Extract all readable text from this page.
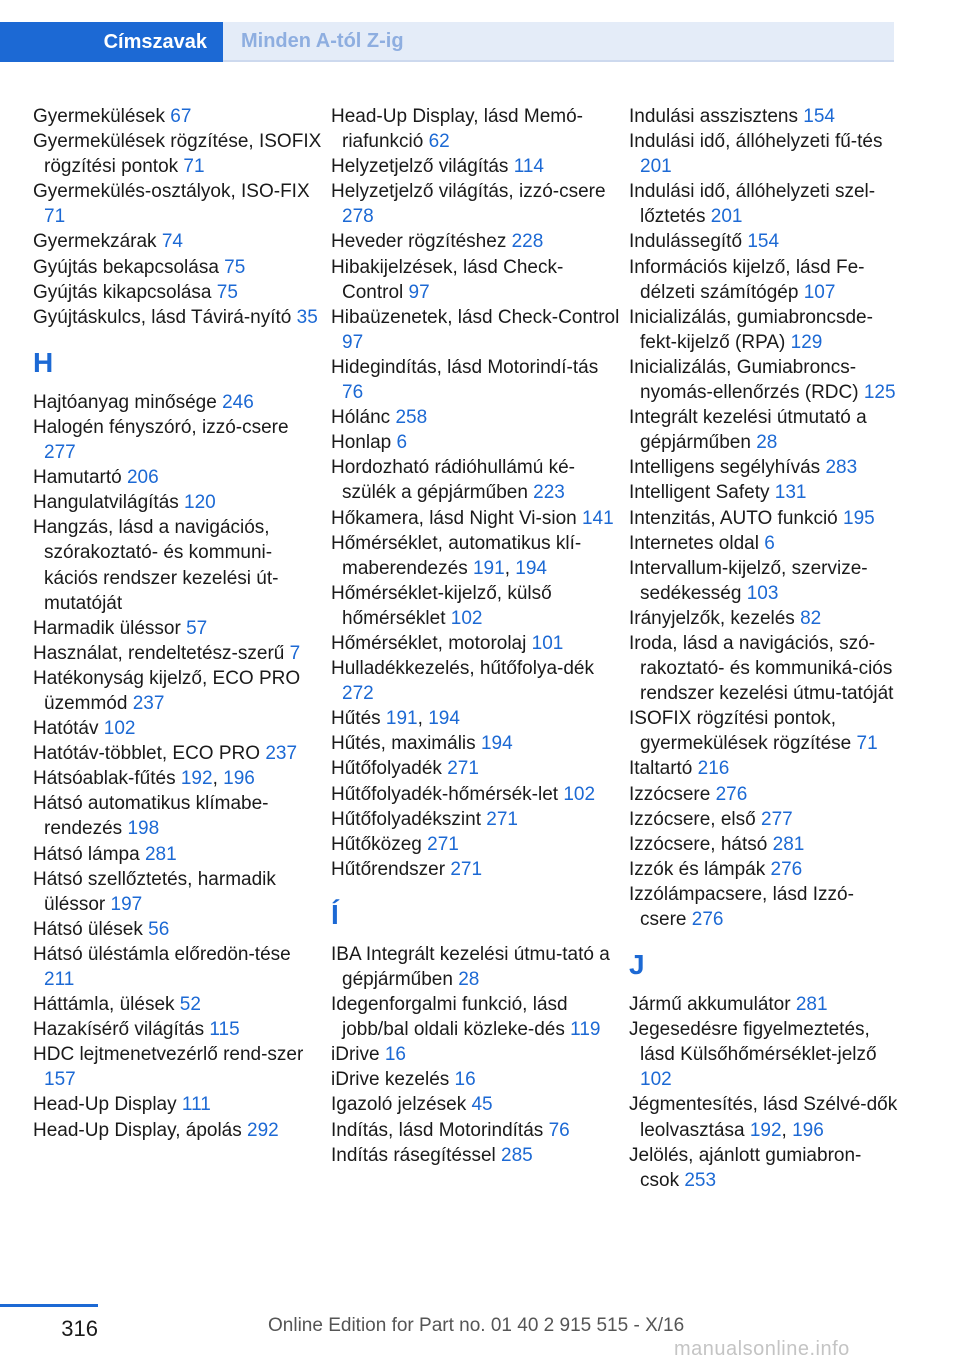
Címszavak	Minden A-tól Z-ig
Gyermekülések 67
Gyermekülések rögzítése, ISOFIX rögzítési pontok 71
Gyermekülés-osztályok, ISO‐FIX 71
Gyermekzárak 74
Gyújtás bekapcsolása 75
Gyújtás kikapcsolása 75
Gyújtáskulcs, lásd Távirá‐nyító 35
H
Hajtóanyag minősége 246
Halogén fényszóró, izzó‐csere 277
Hamutartó 206
Hangulatvilágítás 120
Hangzás, lásd a navigációs, szórakoztató- és kommuni‐kációs rendszer kezelési út‐mutatóját
Harmadik üléssor 57
Használat, rendeltetész‐szerű 7
Hatékonyság kijelző, ECO PRO üzemmód 237
Hatótáv 102
Hatótáv-többlet, ECO PRO 237
Hátsóablak-fűtés 192, 196
Hátsó automatikus klímabe‐rendezés 198
Hátsó lámpa 281
Hátsó szellőztetés, harmadik üléssor 197
Hátsó ülések 56
Hátsó üléstámla előredön‐tése 211
Háttámla, ülések 52
Hazakísérő világítás 115
HDC lejtmenetvezérlő rend‐szer 157
Head-Up Display 111
Head-Up Display, ápolás 292
Head-Up Display, lásd Memó‐riafunkció 62
Helyzetjelző világítás 114
Helyzetjelző világítás, izzó‐csere 278
Heveder rögzítéshez 228
Hibakijelzések, lásd Check-Control 97
Hibaüzenetek, lásd Check-Control 97
Hidegindítás, lásd Motorindí‐tás 76
Hólánc 258
Honlap 6
Hordozható rádióhullámú ké‐szülék a gépjárműben 223
Hőkamera, lásd Night Vi‐sion 141
Hőmérséklet, automatikus klí‐maberendezés 191, 194
Hőmérséklet-kijelző, külső hőmérséklet 102
Hőmérséklet, motorolaj 101
Hulladékkezelés, hűtőfolya‐dék 272
Hűtés 191, 194
Hűtés, maximális 194
Hűtőfolyadék 271
Hűtőfolyadék-hőmérsék‐let 102
Hűtőfolyadékszint 271
Hűtőközeg 271
Hűtőrendszer 271
Í
IBA Integrált kezelési útmu‐tató a gépjárműben 28
Idegenforgalmi funkció, lásd jobb/bal oldali közleke‐dés 119
iDrive 16
iDrive kezelés 16
Igazoló jelzések 45
Indítás, lásd Motorindítás 76
Indítás rásegítéssel 285
Indulási asszisztens 154
Indulási idő, állóhelyzeti fű‐tés 201
Indulási idő, állóhelyzeti szel‐lőztetés 201
Indulássegítő 154
Információs kijelző, lásd Fe‐délzeti számítógép 107
Inicializálás, gumiabroncsde‐fekt-kijelző (RPA) 129
Inicializálás, Gumiabroncs‐nyomás-ellenőrzés (RDC) 125
Integrált kezelési útmutató a gépjárműben 28
Intelligens segélyhívás 283
Intelligent Safety 131
Intenzitás, AUTO funkció 195
Internetes oldal 6
Intervallum-kijelző, szervize‐sedékesség 103
Irányjelzők, kezelés 82
Iroda, lásd a navigációs, szó‐rakoztató- és kommuniká‐ciós rendszer kezelési útmu‐tatóját
ISOFIX rögzítési pontok, gyermekülések rögzítése 71
Italtartó 216
Izzócsere 276
Izzócsere, első 277
Izzócsere, hátsó 281
Izzók és lámpák 276
Izzólámpacsere, lásd Izzó‐csere 276
J
Jármű akkumulátor 281
Jegesedésre figyelmeztetés, lásd Külsőhőmérséklet-jelző 102
Jégmentesítés, lásd Szélvé‐dők leolvasztása 192, 196
Jelölés, ajánlott gumiabron‐csok 253
316	Online Edition for Part no. 01 40 2 915 515 - X/16
manualsonline.info
